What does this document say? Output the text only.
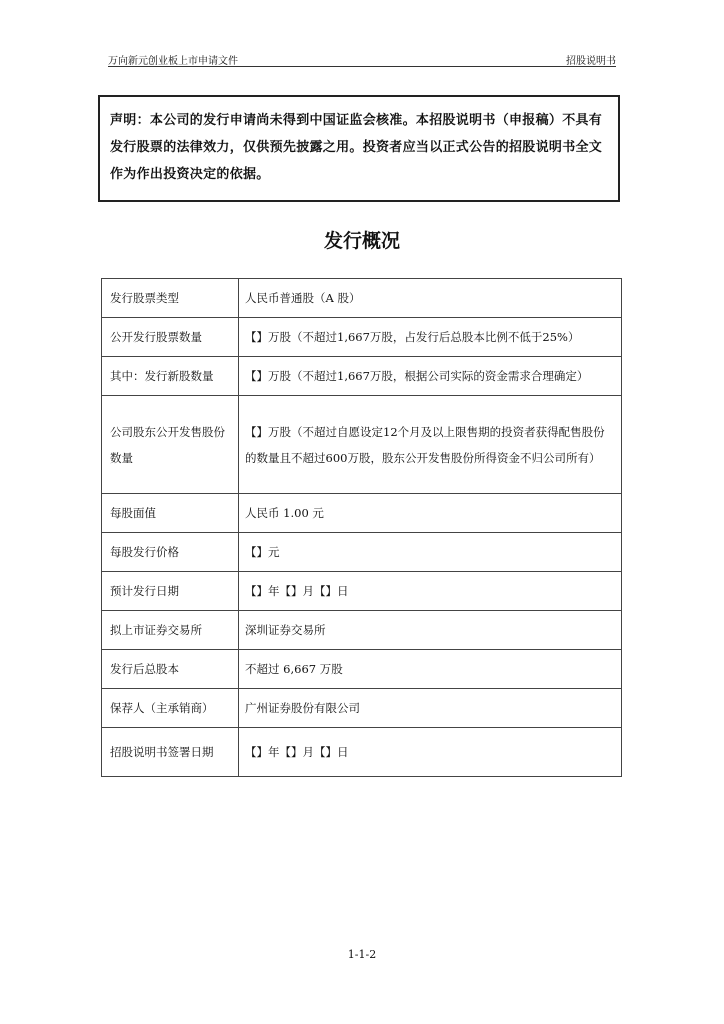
万向新元创业板上市申请文件	招股说明书
声明：本公司的发行申请尚未得到中国证监会核准。本招股说明书（申报稿）不具有发行股票的法律效力，仅供预先披露之用。投资者应当以正式公告的招股说明书全文作为作出投资决定的依据。
发行概况
发行股票类型	人民币普通股（A 股）
公开发行股票数量	【】万股（不超过1,667万股，占发行后总股本比例不低于25%）
其中：发行新股数量	【】万股（不超过1,667万股，根据公司实际的资金需求合理确定）
公司股东公开发售股份数量	【】万股（不超过自愿设定12个月及以上限售期的投资者获得配售股份的数量且不超过600万股，股东公开发售股份所得资金不归公司所有）
每股面值	人民币 1.00 元
每股发行价格	【】元
预计发行日期	【】年【】月【】日
拟上市证券交易所	深圳证券交易所
发行后总股本	不超过 6,667 万股
保荐人（主承销商）	广州证券股份有限公司
招股说明书签署日期	【】年【】月【】日
1-1-2
